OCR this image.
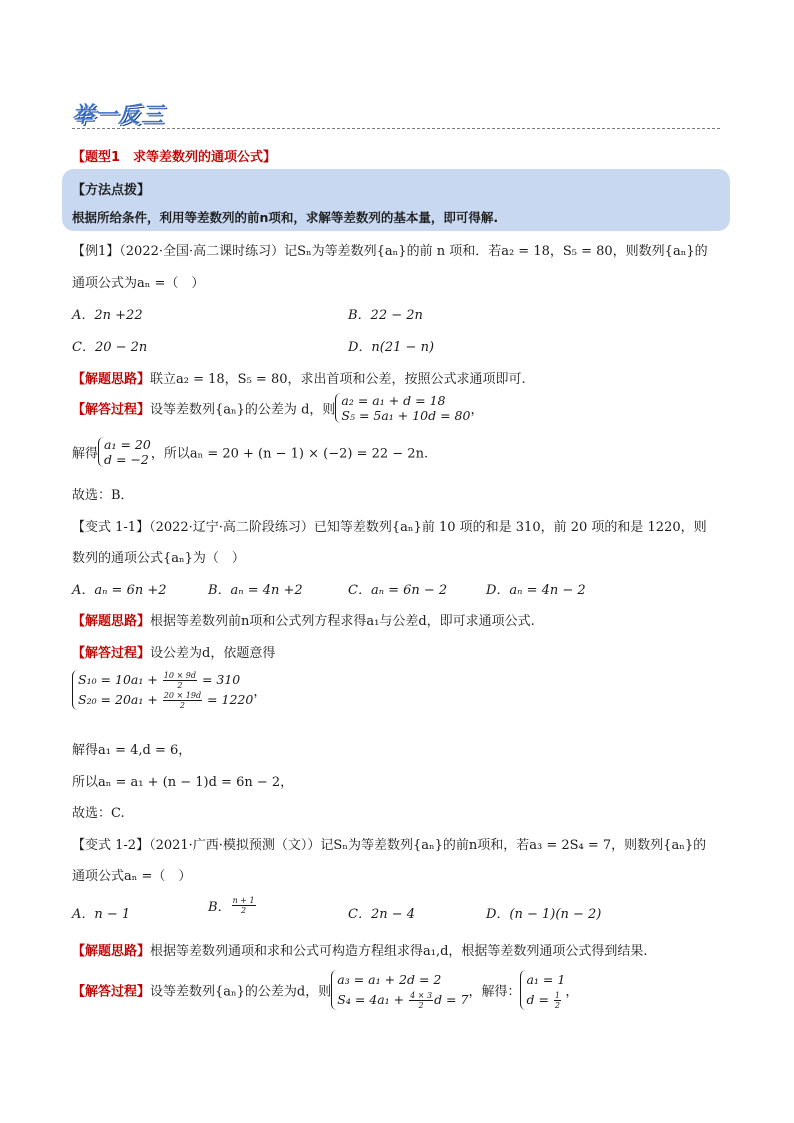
举一反三
【题型1　求等差数列的通项公式】
【方法点拨】
根据所给条件，利用等差数列的前n项和，求解等差数列的基本量，即可得解.
【例1】（2022·全国·高二课时练习）记Sₙ为等差数列{aₙ}的前 n 项和．若a₂ = 18，S₅ = 80，则数列{aₙ}的
通项公式为aₙ =（　）
A．2n +22	B．22 − 2n
C．20 − 2n	D．n(21 − n)
【解题思路】联立a₂ = 18，S₅ = 80，求出首项和公差，按照公式求通项即可.
【解答过程】设等差数列{aₙ}的公差为 d，则a₂ = a₁ + d = 18
S₅ = 5a₁ + 10d = 80，
解得a₁ = 20
d = −2 ，所以aₙ = 20 + (n − 1) × (−2) = 22 − 2n.
故选：B．
【变式 1-1】（2022·辽宁·高二阶段练习）已知等差数列{aₙ}前 10 项的和是 310，前 20 项的和是 1220，则
数列的通项公式{aₙ}为（　）
A．aₙ = 6n +2	B．aₙ = 4n +2	C．aₙ = 6n − 2	D．aₙ = 4n − 2
【解题思路】根据等差数列前n项和公式列方程求得a₁与公差d，即可求通项公式.
【解答过程】设公差为d，依题意得
$S_{10} = 10a_1 + \frac{10 \times 9d}{2} = 310$
$S_{20} = 20a_1 + \frac{20 \times 19d}{2} = 1220$，
解得a₁ = 4,d = 6，
所以aₙ = a₁ + (n − 1)d = 6n − 2，
故选：C.
【变式 1-2】（2021·广西·模拟预测（文））记Sₙ为等差数列{aₙ}的前n项和，若a₃ = 2S₄ = 7，则数列{aₙ}的
通项公式aₙ =（　）
A．n − 1	B． $\frac{n + 1}{2}$	C．2n − 4	D．(n − 1)(n − 2)
【解题思路】根据等差数列通项和求和公式可构造方程组求得a₁,d，根据等差数列通项公式得到结果.
【解答过程】设等差数列{aₙ}的公差为d，则a₃ = a₁ + 2d = 2
$S_4 = 4a_1 + \frac{4 \times 3}{2}$ d = 7，解得：a₁ = 1
$d = \frac{1}{2}$ ，
